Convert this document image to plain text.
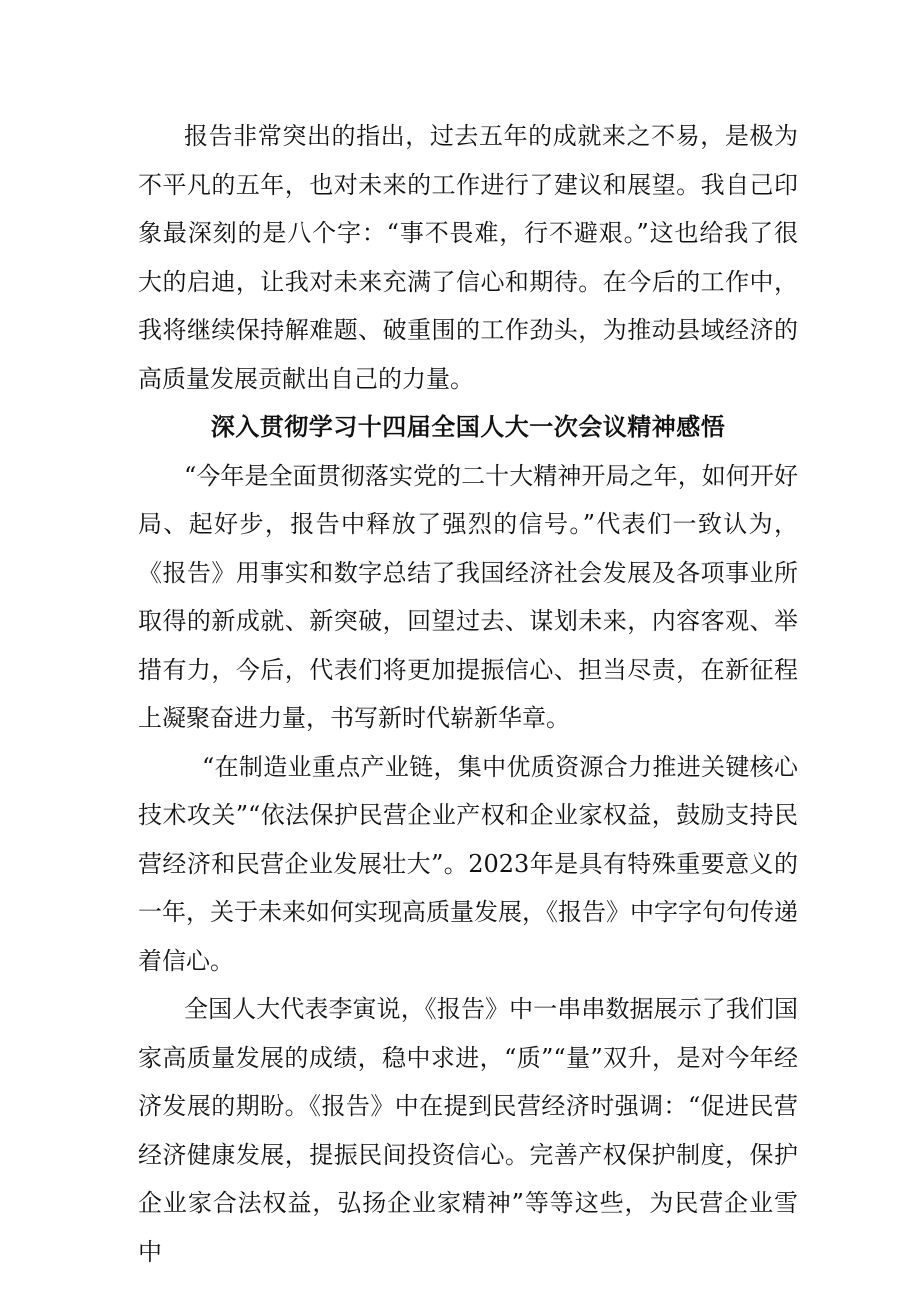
报告非常突出的指出，过去五年的成就来之不易，是极为不平凡的五年，也对未来的工作进行了建议和展望。我自己印象最深刻的是八个字：“事不畏难，行不避艰。”这也给我了很大的启迪，让我对未来充满了信心和期待。在今后的工作中，我将继续保持解难题、破重围的工作劲头，为推动县域经济的高质量发展贡献出自己的力量。

深入贯彻学习十四届全国人大一次会议精神感悟

“今年是全面贯彻落实党的二十大精神开局之年，如何开好局、起好步，报告中释放了强烈的信号。”代表们一致认为，《报告》用事实和数字总结了我国经济社会发展及各项事业所取得的新成就、新突破，回望过去、谋划未来，内容客观、举措有力，今后，代表们将更加提振信心、担当尽责，在新征程上凝聚奋进力量，书写新时代崭新华章。

“在制造业重点产业链，集中优质资源合力推进关键核心技术攻关”“依法保护民营企业产权和企业家权益，鼓励支持民营经济和民营企业发展壮大”。2023年是具有特殊重要意义的一年，关于未来如何实现高质量发展，《报告》中字字句句传递着信心。

全国人大代表李寅说，《报告》中一串串数据展示了我们国家高质量发展的成绩，稳中求进，“质”“量”双升，是对今年经济发展的期盼。《报告》中在提到民营经济时强调：“促进民营经济健康发展，提振民间投资信心。完善产权保护制度，保护企业家合法权益，弘扬企业家精神”等等这些，为民营企业雪中
